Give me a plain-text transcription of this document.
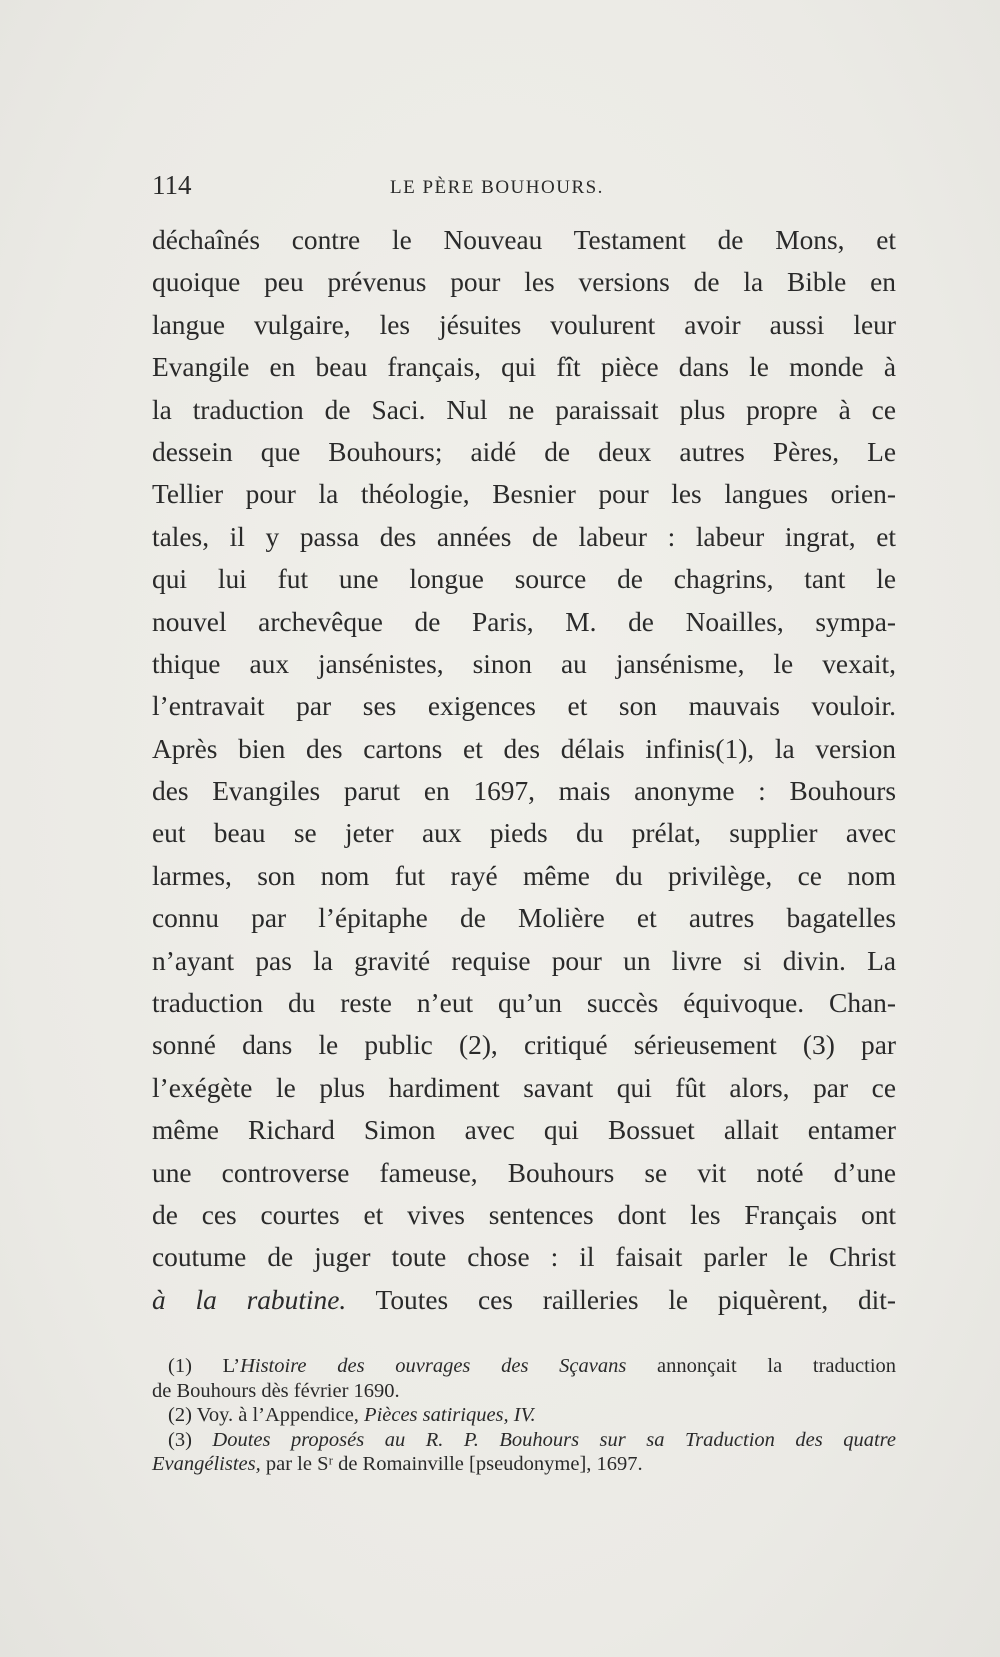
114	LE PÈRE BOUHOURS.
déchaînés contre le Nouveau Testament de Mons, et
quoique peu prévenus pour les versions de la Bible en
langue vulgaire, les jésuites voulurent avoir aussi leur
Evangile en beau français, qui fît pièce dans le monde à
la traduction de Saci. Nul ne paraissait plus propre à ce
dessein que Bouhours; aidé de deux autres Pères, Le
Tellier pour la théologie, Besnier pour les langues orien-
tales, il y passa des années de labeur : labeur ingrat, et
qui lui fut une longue source de chagrins, tant le
nouvel archevêque de Paris, M. de Noailles, sympa-
thique aux jansénistes, sinon au jansénisme, le vexait,
l’entravait par ses exigences et son mauvais vouloir.
Après bien des cartons et des délais infinis(1), la version
des Evangiles parut en 1697, mais anonyme : Bouhours
eut beau se jeter aux pieds du prélat, supplier avec
larmes, son nom fut rayé même du privilège, ce nom
connu par l’épitaphe de Molière et autres bagatelles
n’ayant pas la gravité requise pour un livre si divin. La
traduction du reste n’eut qu’un succès équivoque. Chan-
sonné dans le public (2), critiqué sérieusement (3) par
l’exégète le plus hardiment savant qui fût alors, par ce
même Richard Simon avec qui Bossuet allait entamer
une controverse fameuse, Bouhours se vit noté d’une
de ces courtes et vives sentences dont les Français ont
coutume de juger toute chose : il faisait parler le Christ
à la rabutine. Toutes ces railleries le piquèrent, dit-
(1) L’Histoire des ouvrages des Sçavans annonçait la traduction
de Bouhours dès février 1690.
(2) Voy. à l’Appendice, Pièces satiriques, IV.
(3) Doutes proposés au R. P. Bouhours sur sa Traduction des quatre
Evangélistes, par le Sʳ de Romainville [pseudonyme], 1697.
